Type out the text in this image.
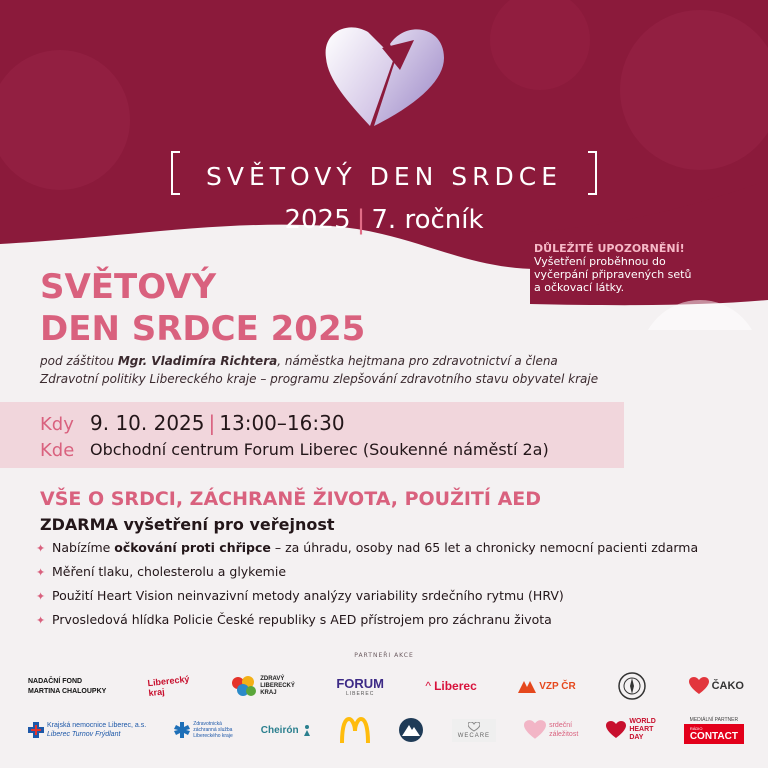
SVĚTOVÝ DEN SRDCE
2025 | 7. ročník
DŮLEŽITÉ UPOZORNĚNÍ!
Vyšetření proběhnou do
vyčerpání připravených setů
a očkovací látky.
SVĚTOVÝ
DEN SRDCE 2025
pod záštitou Mgr. Vladimíra Richtera, náměstka hejtmana pro zdravotnictví a člena
Zdravotní politiky Libereckého kraje – programu zlepšování zdravotního stavu obyvatel kraje
Kdy 9. 10. 2025 | 13:00–16:30
Kde Obchodní centrum Forum Liberec (Soukenné náměstí 2a)
VŠE O SRDCI, ZÁCHRANĚ ŽIVOTA, POUŽITÍ AED
ZDARMA vyšetření pro veřejnost
✦ Nabízíme očkování proti chřipce – za úhradu, osoby nad 65 let a chronicky nemocní pacienti zdarma
✦ Měření tlaku, cholesterolu a glykemie
✦ Použití Heart Vision neinvazivní metody analýzy variability srdečního rytmu (HRV)
✦ Prvosledová hlídka Policie České republiky s AED přístrojem pro záchranu života
PARTNEŘI AKCE
NADAČNÍ FOND
MARTINA CHALOUPKY
Liberecký
kraj
ZDRAVÝ
LIBERECKÝ
KRAJ
FORUM
LIBEREC
^ Liberec	VZP ČR	ČAKO
Krajská nemocnice Liberec, a.s.
Liberec Turnov Frýdlant
Zdravotnická
záchranná služba
Libereckého kraje
Cheirón	WECARE
srdeční
záležitost
WORLD
HEART
DAY
MEDIÁLNÍ PARTNER
RÁDIO
CONTACT
